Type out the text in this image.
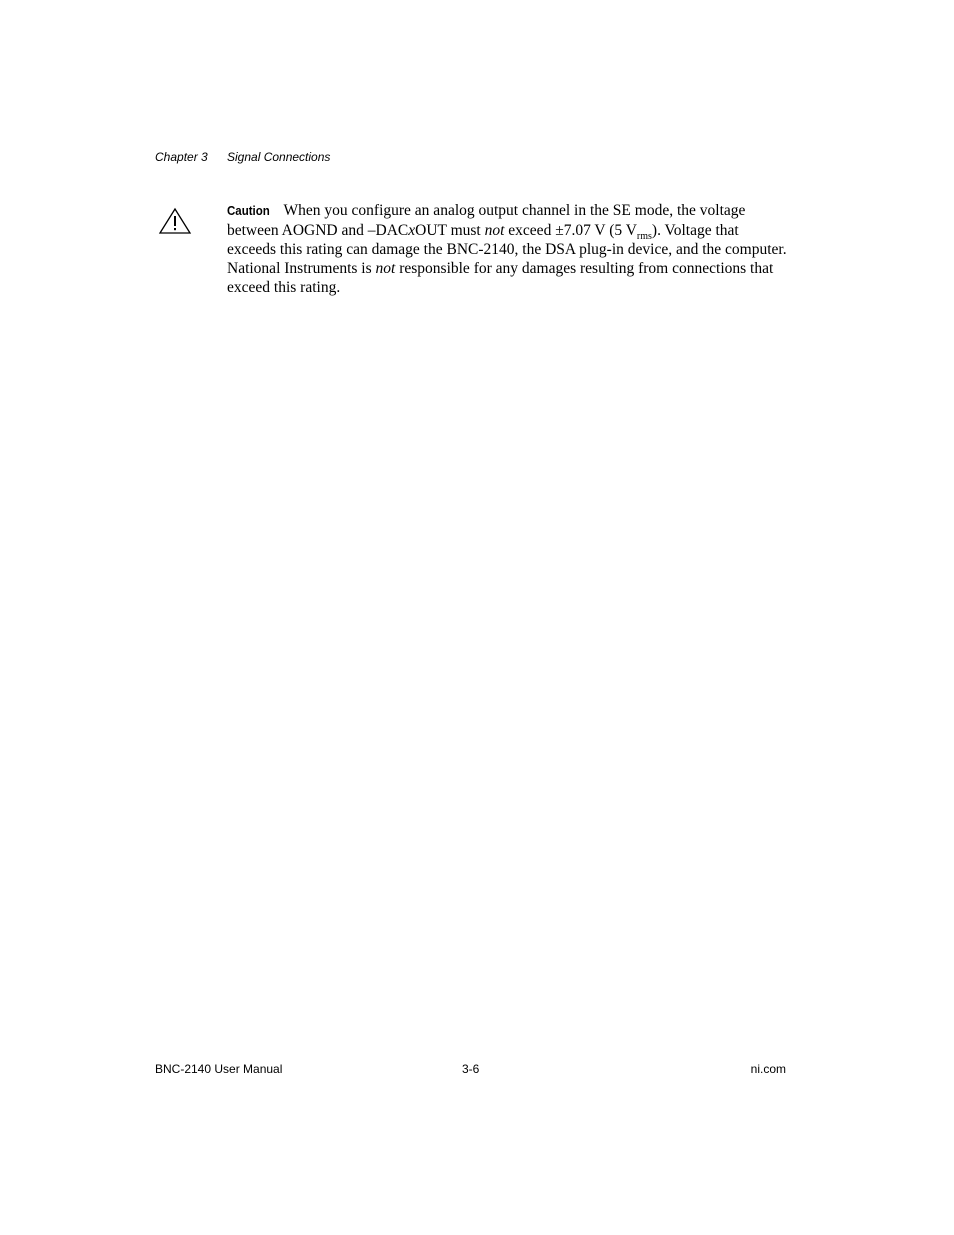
Chapter 3 Signal Connections
Caution When you configure an analog output channel in the SE mode, the voltage between AOGND and –DACxOUT must not exceed ±7.07 V (5 $V_{rms}$). Voltage that exceeds this rating can damage the BNC-2140, the DSA plug-in device, and the computer. National Instruments is not responsible for any damages resulting from connections that exceed this rating.
BNC-2140 User Manual	3-6	ni.com
